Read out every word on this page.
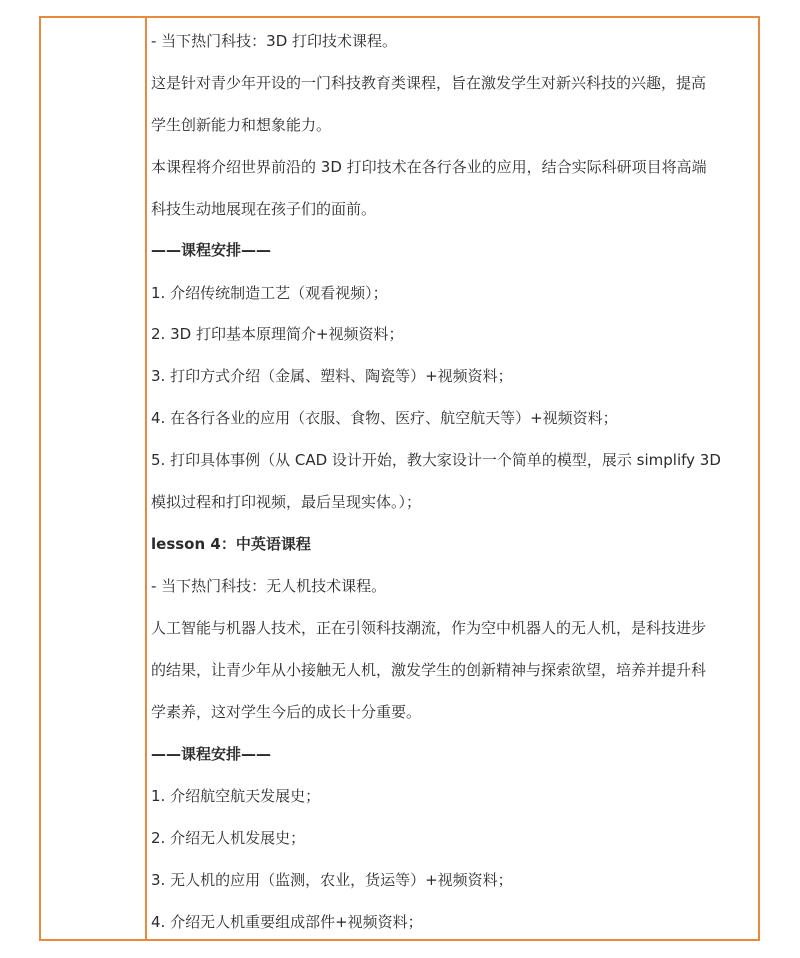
- 当下热门科技：3D 打印技术课程。
这是针对青少年开设的一门科技教育类课程，旨在激发学生对新兴科技的兴趣，提高
学生创新能力和想象能力。
本课程将介绍世界前沿的 3D 打印技术在各行各业的应用，结合实际科研项目将高端
科技生动地展现在孩子们的面前。
——课程安排——
1. 介绍传统制造工艺（观看视频）；
2. 3D 打印基本原理简介+视频资料；
3. 打印方式介绍（金属、塑料、陶瓷等）+视频资料；
4. 在各行各业的应用（衣服、食物、医疗、航空航天等）+视频资料；
5. 打印具体事例（从 CAD 设计开始，教大家设计一个简单的模型，展示 simplify 3D
模拟过程和打印视频，最后呈现实体。）；
lesson 4：中英语课程
- 当下热门科技：无人机技术课程。
人工智能与机器人技术，正在引领科技潮流，作为空中机器人的无人机，是科技进步
的结果，让青少年从小接触无人机，激发学生的创新精神与探索欲望，培养并提升科
学素养，这对学生今后的成长十分重要。
——课程安排——
1. 介绍航空航天发展史；
2. 介绍无人机发展史；
3. 无人机的应用（监测，农业，货运等）+视频资料；
4. 介绍无人机重要组成部件+视频资料；
